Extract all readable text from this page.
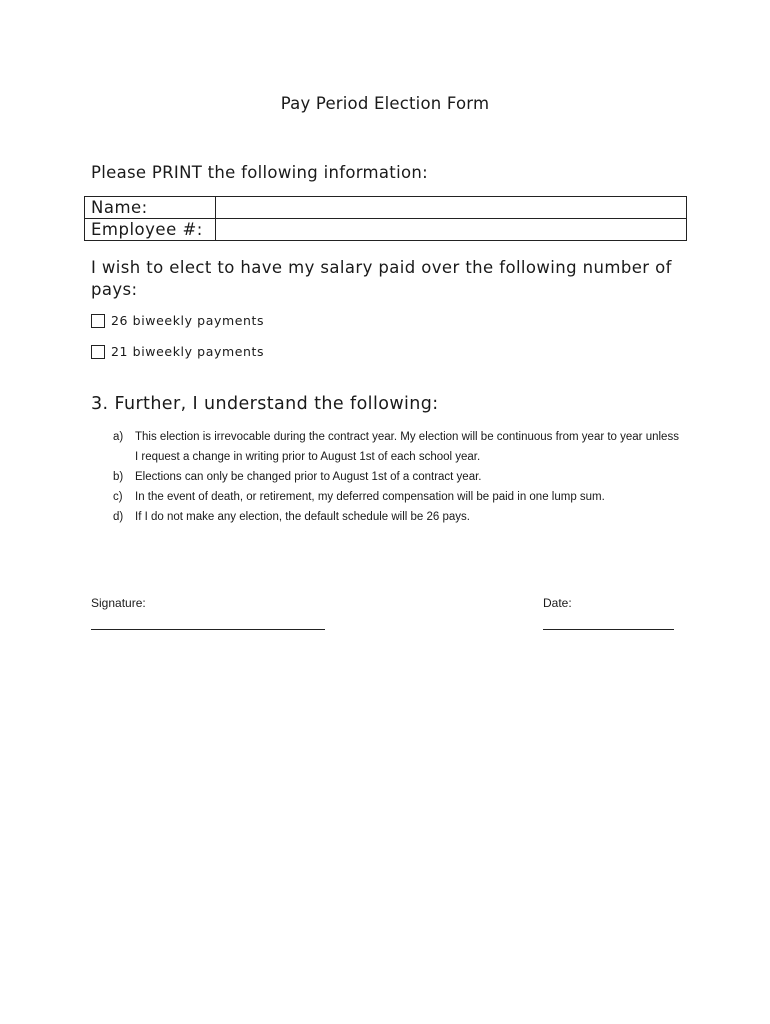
Pay Period Election Form
Please PRINT the following information:
Name:	
Employee #:	
I wish to elect to have my salary paid over the following number of pays:
26 biweekly payments
21 biweekly payments
3. Further, I understand the following:
a) This election is irrevocable during the contract year. My election will be continuous from year to year unless I request a change in writing prior to August 1st of each school year.
b) Elections can only be changed prior to August 1st of a contract year.
c) In the event of death, or retirement, my deferred compensation will be paid in one lump sum.
d) If I do not make any election, the default schedule will be 26 pays.
Signature:	Date:
